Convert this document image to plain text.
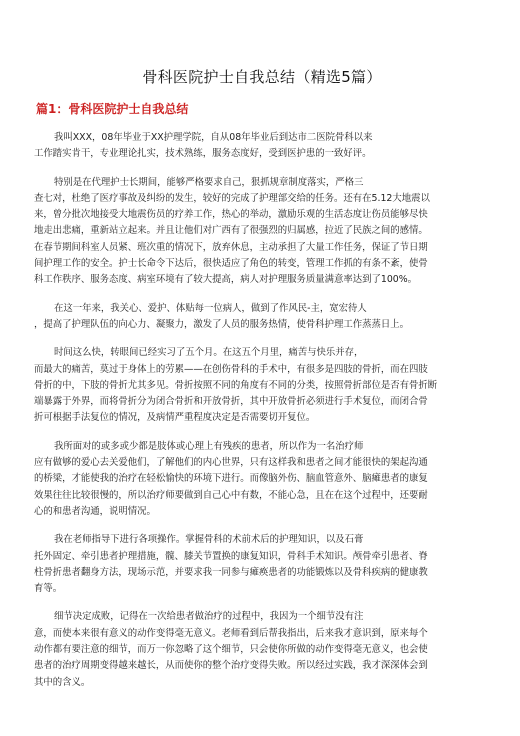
骨科医院护士自我总结（精选5篇）
篇1：骨科医院护士自我总结

我叫XXX，08年毕业于XX护理学院，自从08年毕业后到达市二医院骨科以来

工作踏实肯干，专业理论扎实，技术熟练，服务态度好，受到医护患的一致好评。

特别是在代理护士长期间，能够严格要求自己，狠抓规章制度落实，严格三

查七对，杜绝了医疗事故及纠纷的发生，较好的完成了护理部交给的任务。还有在5.12大地震以

来，曾分批次地接受大地震伤员的疗养工作，热心的举动，激励乐观的生活态度让伤员能够尽快

地走出悲痛，重新站立起来。并且让他们对广西有了很强烈的归属感，拉近了民族之间的感情。

在春节期间科室人员紧、班次重的情况下，放弃休息，主动承担了大量工作任务，保证了节日期

间护理工作的安全。护士长命令下达后，很快适应了角色的转变，管理工作抓的有条不紊，使骨

科工作秩序、服务态度、病室环境有了较大提高，病人对护理服务质量满意率达到了100%。

在这一年来，我关心、爱护、体贴每一位病人，做到了作风民-主，宽宏待人

，提高了护理队伍的向心力、凝聚力，激发了人员的服务热情，使骨科护理工作蒸蒸日上。

时间这么快，转眼间已经实习了五个月。在这五个月里，痛苦与快乐并存，

而最大的痛苦，莫过于身体上的劳累——在创伤骨科的手术中，有很多是四肢的骨折，而在四肢

骨折的中，下肢的骨折尤其多见。骨折按照不同的角度有不同的分类，按照骨折部位是否有骨折断

端暴露于外界，而将骨折分为闭合骨折和开放骨折，其中开放骨折必须进行手术复位，而闭合骨

折可根据手法复位的情况，及病情严重程度决定是否需要切开复位。

我所面对的或多或少都是肢体或心理上有残疾的患者，所以作为一名治疗师

应有做够的爱心去关爱他们，了解他们的内心世界，只有这样我和患者之间才能很快的架起沟通

的桥梁，才能使我的治疗在轻松愉快的环境下进行。而像脑外伤、脑血管意外、脑瘫患者的康复

效果往往比较很慢的，所以治疗师要做到自己心中有数，不能心急，且在在这个过程中，还要耐

心的和患者沟通，说明情况。

我在老师指导下进行各项操作。掌握骨科的术前术后的护理知识，以及石膏

托外固定、牵引患者护理措施，髋、膝关节置换的康复知识，骨科手术知识。颅骨牵引患者、脊

柱骨折患者翻身方法，现场示范，并要求我一同参与瘫痪患者的功能锻炼以及骨科疾病的健康教

育等。

细节决定成败，记得在一次给患者做治疗的过程中，我因为一个细节没有注

意，而使本来很有意义的动作变得毫无意义。老师看到后帮我指出，后来我才意识到，原来每个

动作都有要注意的细节，而万一你忽略了这个细节，只会使你所做的动作变得毫无意义，也会使

患者的治疗周期变得越来越长，从而使你的整个治疗变得失败。所以经过实践，我才深深体会到

其中的含义。
